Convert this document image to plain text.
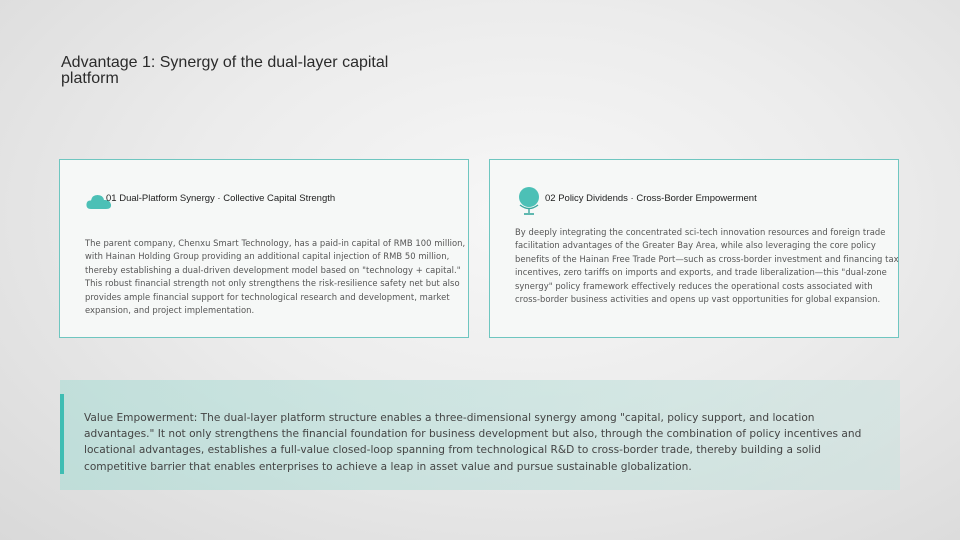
Advantage 1: Synergy of the dual-layer capital platform
01 Dual-Platform Synergy · Collective Capital Strength
The parent company, Chenxu Smart Technology, has a paid-in capital of RMB 100 million, with Hainan Holding Group providing an additional capital injection of RMB 50 million, thereby establishing a dual-driven development model based on "technology + capital." This robust financial strength not only strengthens the risk-resilience safety net but also provides ample financial support for technological research and development, market expansion, and project implementation.
02 Policy Dividends · Cross-Border Empowerment
By deeply integrating the concentrated sci-tech innovation resources and foreign trade facilitation advantages of the Greater Bay Area, while also leveraging the core policy benefits of the Hainan Free Trade Port—such as cross-border investment and financing tax incentives, zero tariffs on imports and exports, and trade liberalization—this "dual-zone synergy" policy framework effectively reduces the operational costs associated with cross-border business activities and opens up vast opportunities for global expansion.
Value Empowerment: The dual-layer platform structure enables a three-dimensional synergy among "capital, policy support, and location advantages." It not only strengthens the financial foundation for business development but also, through the combination of policy incentives and locational advantages, establishes a full-value closed-loop spanning from technological R&D to cross-border trade, thereby building a solid competitive barrier that enables enterprises to achieve a leap in asset value and pursue sustainable globalization.
